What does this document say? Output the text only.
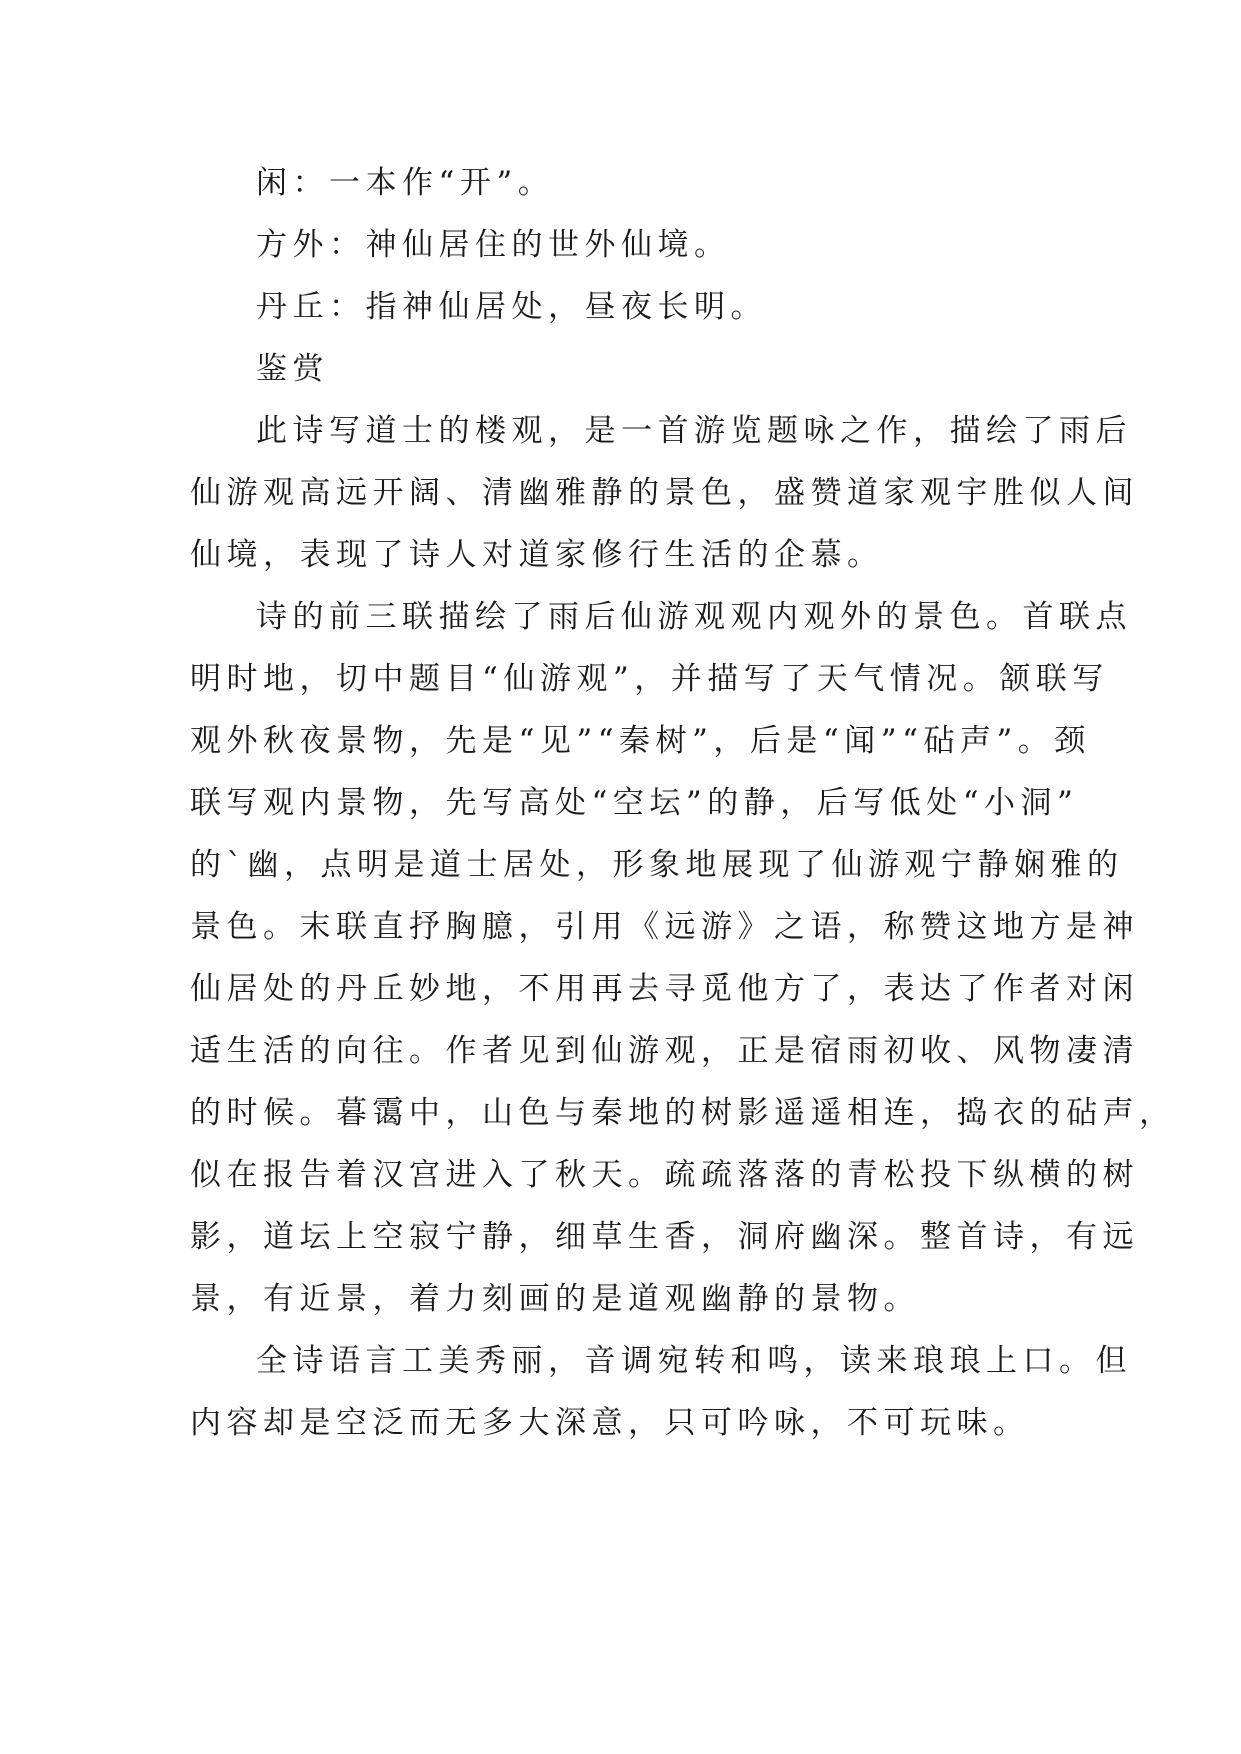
闲：一本作“开”。
方外：神仙居住的世外仙境。
丹丘：指神仙居处，昼夜长明。
鉴赏
此诗写道士的楼观，是一首游览题咏之作，描绘了雨后
仙游观高远开阔、清幽雅静的景色，盛赞道家观宇胜似人间
仙境，表现了诗人对道家修行生活的企慕。
诗的前三联描绘了雨后仙游观观内观外的景色。首联点
明时地，切中题目“仙游观”，并描写了天气情况。颔联写
观外秋夜景物，先是“见”“秦树”，后是“闻”“砧声”。颈
联写观内景物，先写高处“空坛”的静，后写低处“小洞”
的`幽，点明是道士居处，形象地展现了仙游观宁静娴雅的
景色。末联直抒胸臆，引用《远游》之语，称赞这地方是神
仙居处的丹丘妙地，不用再去寻觅他方了，表达了作者对闲
适生活的向往。作者见到仙游观，正是宿雨初收、风物凄清
的时候。暮霭中，山色与秦地的树影遥遥相连，捣衣的砧声，
似在报告着汉宫进入了秋天。疏疏落落的青松投下纵横的树
影，道坛上空寂宁静，细草生香，洞府幽深。整首诗，有远
景，有近景，着力刻画的是道观幽静的景物。
全诗语言工美秀丽，音调宛转和鸣，读来琅琅上口。但
内容却是空泛而无多大深意，只可吟咏，不可玩味。
